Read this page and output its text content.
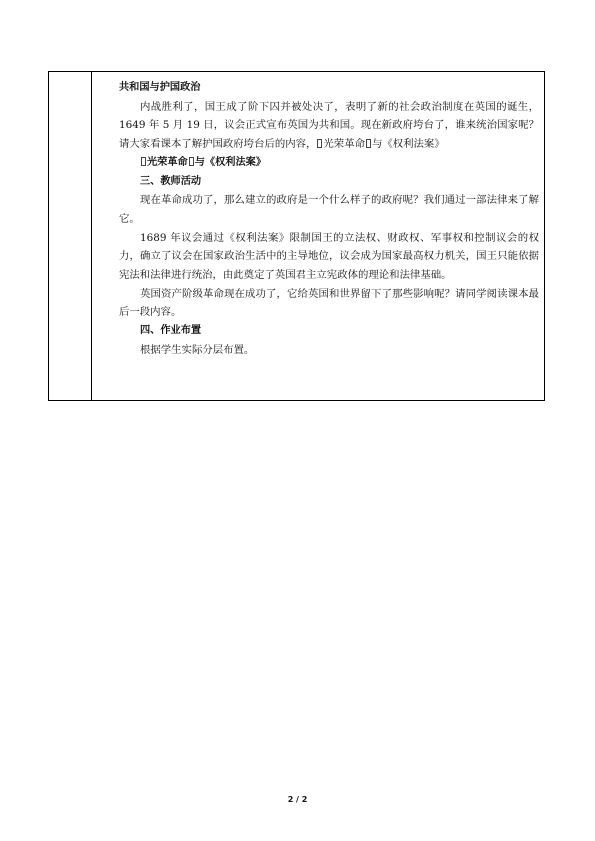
共和国与护国政治

内战胜利了，国王成了阶下囚并被处决了，表明了新的社会政治制度在英国的诞生，1649 年 5 月 19 日，议会正式宣布英国为共和国。现在新政府垮台了，谁来统治国家呢？请大家看课本了解护国政府垮台后的内容， 光荣革命 与《权利法案》

光荣革命 与《权利法案》

三、教师活动

现在革命成功了，那么建立的政府是一个什么样子的政府呢？我们通过一部法律来了解它。

1689 年议会通过《权利法案》限制国王的立法权、财政权、军事权和控制议会的权力，确立了议会在国家政治生活中的主导地位，议会成为国家最高权力机关，国王只能依据宪法和法律进行统治，由此奠定了英国君主立宪政体的理论和法律基础。

英国资产阶级革命现在成功了，它给英国和世界留下了那些影响呢？请同学阅读课本最后一段内容。

四、作业布置

根据学生实际分层布置。

2 / 2
